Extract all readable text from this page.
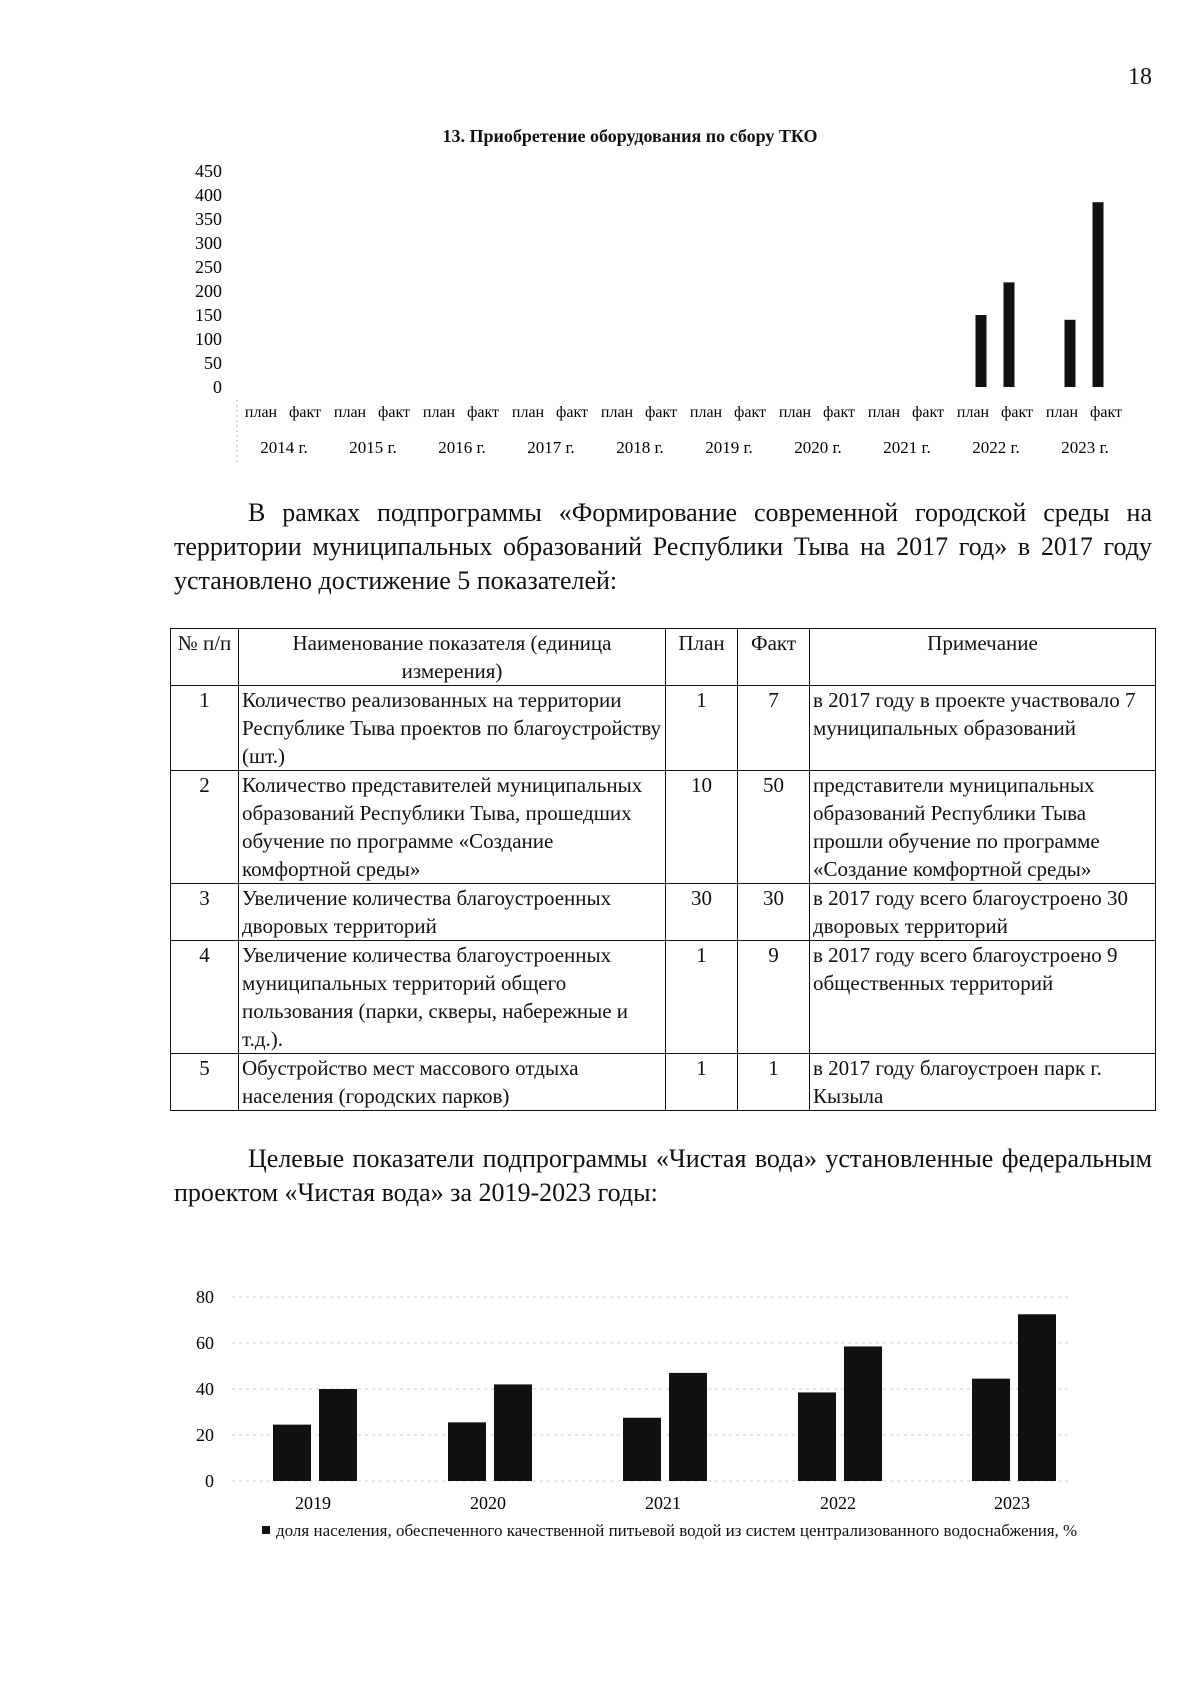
18
13. Приобретение оборудования по сбору ТКО
450
400
350
300
250
200
150
100
50
0
план факт
2014 г.
план факт
2015 г.
план факт
2016 г.
план факт
2017 г.
план факт
2018 г.
план факт
2019 г.
план факт
2020 г.
план факт
2021 г.
план факт
2022 г.
план факт
2023 г.
В рамках подпрограммы «Формирование современной городской среды на территории муниципальных образований Республики Тыва на 2017 год» в 2017 году установлено достижение 5 показателей:
№ п/п	Наименование показателя (единица измерения)	План	Факт	Примечание
1	Количество реализованных на территории Республике Тыва проектов по благоустройству (шт.)	1	7	в 2017 году в проекте участвовало 7 муниципальных образований
2	Количество представителей муниципальных образований Республики Тыва, прошедших обучение по программе «Создание комфортной среды»	10	50	представители муниципальных образований Республики Тыва прошли обучение по программе «Создание комфортной среды»
3	Увеличение количества благоустроенных дворовых территорий	30	30	в 2017 году всего благоустроено 30 дворовых территорий
4	Увеличение количества благоустроенных муниципальных территорий общего пользования (парки, скверы, набережные и т.д.).	1	9	в 2017 году всего благоустроено 9 общественных территорий
5	Обустройство мест массового отдыха населения (городских парков)	1	1	в 2017 году благоустроен парк г. Кызыла
Целевые показатели подпрограммы «Чистая вода» установленные федеральным проектом «Чистая вода» за 2019-2023 годы:
80
60
40
20
0
2019	2020	2021	2022	2023
доля населения, обеспеченного качественной питьевой водой из систем централизованного водоснабжения, %
